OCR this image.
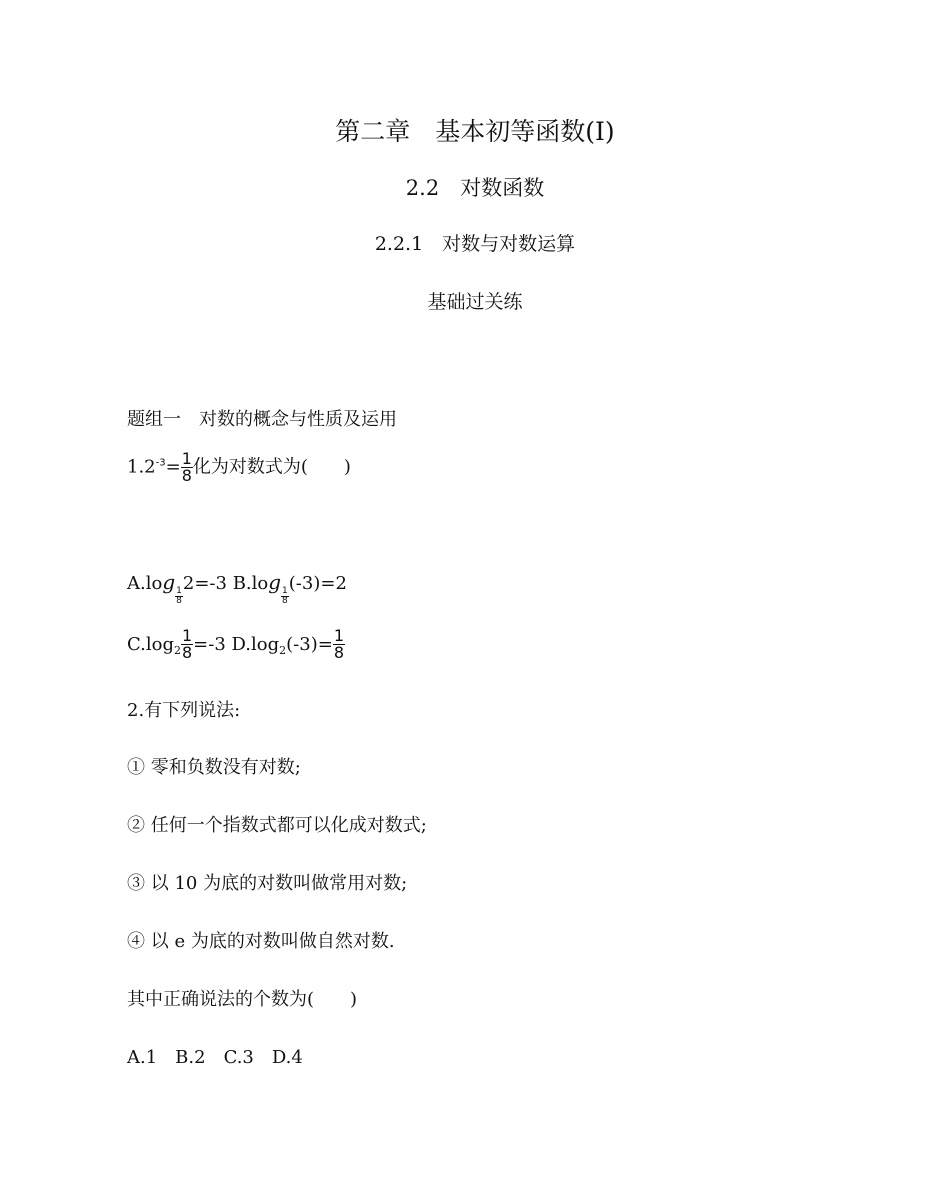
第二章　基本初等函数(Ⅰ)
2.2　对数函数
2.2.1　对数与对数运算
基础过关练
题组一　对数的概念与性质及运用
$1.2^{-3}= \frac{1}{8}$ 化为对数式为(　　)
A.log
$\frac{1}{8}$
2=-3 B.log
$\frac{1}{8}$
(-3)=2
$C.\log_2 \frac{1}{8} =-3$ $D.\log_2(-3)= \frac{1}{8}$
2.有下列说法:
① 零和负数没有对数;
② 任何一个指数式都可以化成对数式;
③ 以 10 为底的对数叫做常用对数;
④ 以 e 为底的对数叫做自然对数.
其中正确说法的个数为(　　)
A.1　B.2　C.3　D.4
